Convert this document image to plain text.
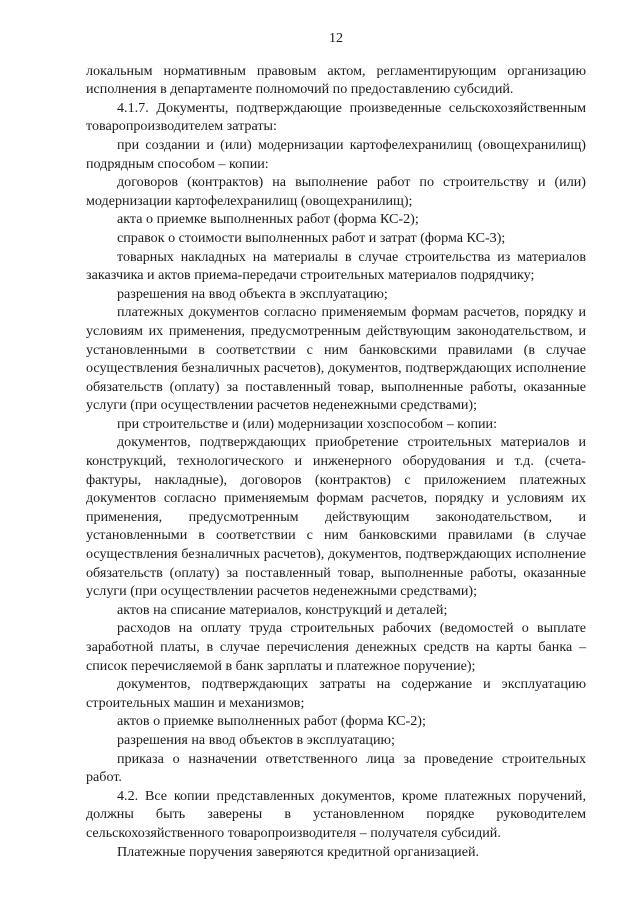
12

локальным нормативным правовым актом, регламентирующим организацию исполнения в департаменте полномочий по предоставлению субсидий.

4.1.7. Документы, подтверждающие произведенные сельскохозяйственным товаропроизводителем затраты:

при создании и (или) модернизации картофелехранилищ (овощехранилищ) подрядным способом – копии:

договоров (контрактов) на выполнение работ по строительству и (или) модернизации картофелехранилищ (овощехранилищ);

акта о приемке выполненных работ (форма КС-2);

справок о стоимости выполненных работ и затрат (форма КС-3);

товарных накладных на материалы в случае строительства из материалов заказчика и актов приема-передачи строительных материалов подрядчику;

разрешения на ввод объекта в эксплуатацию;

платежных документов согласно применяемым формам расчетов, порядку и условиям их применения, предусмотренным действующим законодательством, и установленными в соответствии с ним банковскими правилами (в случае осуществления безналичных расчетов), документов, подтверждающих исполнение обязательств (оплату) за поставленный товар, выполненные работы, оказанные услуги (при осуществлении расчетов неденежными средствами);

при строительстве и (или) модернизации хозспособом – копии:

документов, подтверждающих приобретение строительных материалов и конструкций, технологического и инженерного оборудования и т.д. (счета-фактуры, накладные), договоров (контрактов) с приложением платежных документов согласно применяемым формам расчетов, порядку и условиям их применения, предусмотренным действующим законодательством, и установленными в соответствии с ним банковскими правилами (в случае осуществления безналичных расчетов), документов, подтверждающих исполнение обязательств (оплату) за поставленный товар, выполненные работы, оказанные услуги (при осуществлении расчетов неденежными средствами);

актов на списание материалов, конструкций и деталей;

расходов на оплату труда строительных рабочих (ведомостей о выплате заработной платы, в случае перечисления денежных средств на карты банка – список перечисляемой в банк зарплаты и платежное поручение);

документов, подтверждающих затраты на содержание и эксплуатацию строительных машин и механизмов;

актов о приемке выполненных работ (форма КС-2);

разрешения на ввод объектов в эксплуатацию;

приказа о назначении ответственного лица за проведение строительных работ.

4.2. Все копии представленных документов, кроме платежных поручений, должны быть заверены в установленном порядке руководителем сельскохозяйственного товаропроизводителя – получателя субсидий.

Платежные поручения заверяются кредитной организацией.
